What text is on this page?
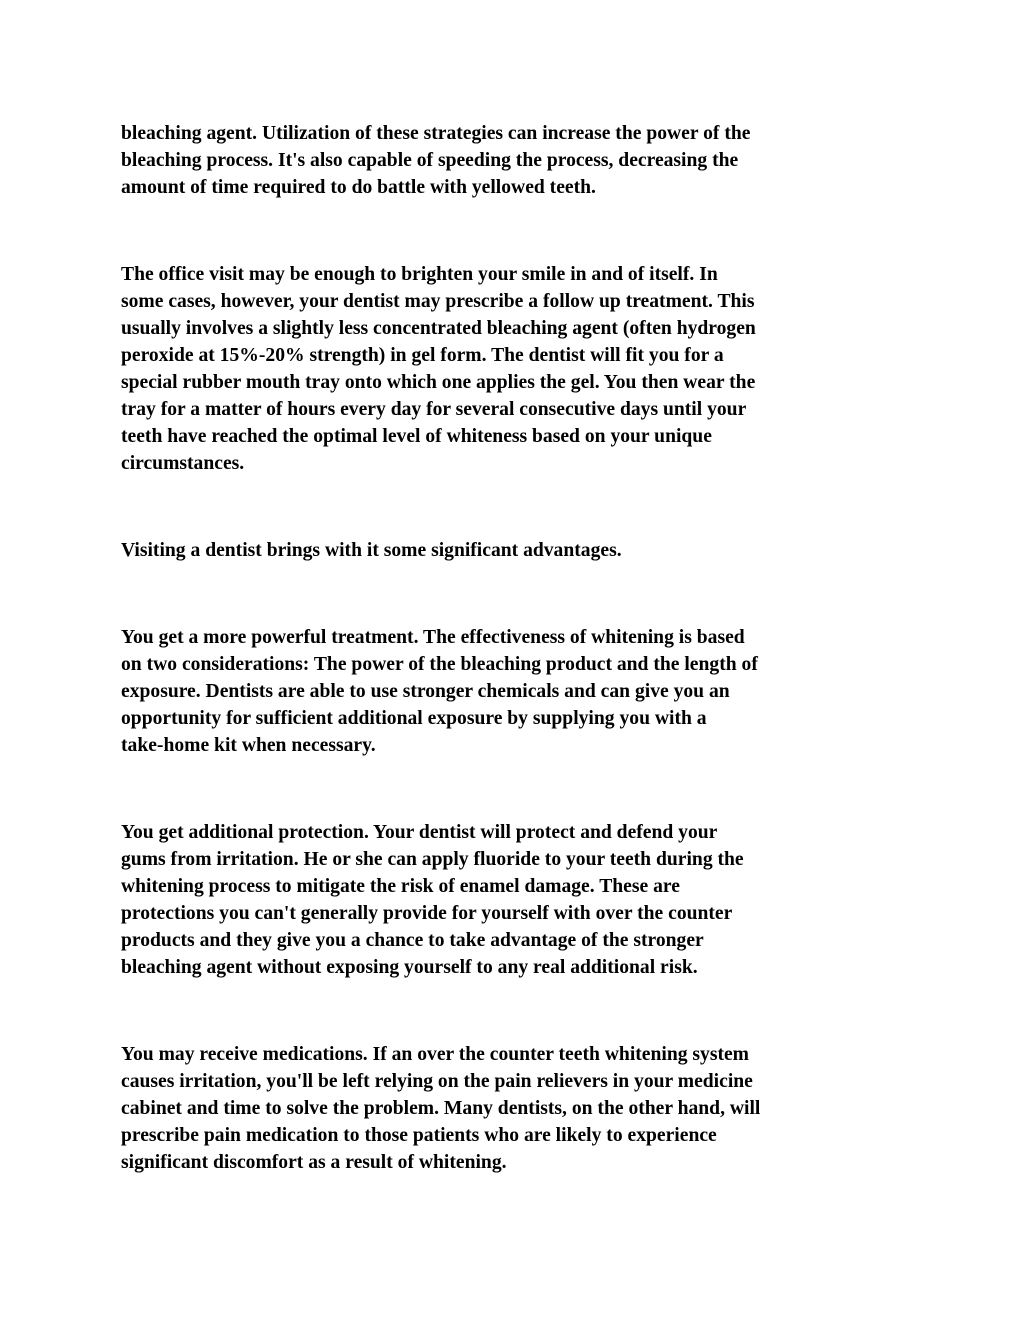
bleaching agent. Utilization of these strategies can increase the power of the
bleaching process. It's also capable of speeding the process, decreasing the
amount of time required to do battle with yellowed teeth.

The office visit may be enough to brighten your smile in and of itself. In
some cases, however, your dentist may prescribe a follow up treatment. This
usually involves a slightly less concentrated bleaching agent (often hydrogen
peroxide at 15%-20% strength) in gel form. The dentist will fit you for a
special rubber mouth tray onto which one applies the gel. You then wear the
tray for a matter of hours every day for several consecutive days until your
teeth have reached the optimal level of whiteness based on your unique
circumstances.

Visiting a dentist brings with it some significant advantages.

You get a more powerful treatment. The effectiveness of whitening is based
on two considerations: The power of the bleaching product and the length of
exposure. Dentists are able to use stronger chemicals and can give you an
opportunity for sufficient additional exposure by supplying you with a
take-home kit when necessary.

You get additional protection. Your dentist will protect and defend your
gums from irritation. He or she can apply fluoride to your teeth during the
whitening process to mitigate the risk of enamel damage. These are
protections you can't generally provide for yourself with over the counter
products and they give you a chance to take advantage of the stronger
bleaching agent without exposing yourself to any real additional risk.

You may receive medications. If an over the counter teeth whitening system
causes irritation, you'll be left relying on the pain relievers in your medicine
cabinet and time to solve the problem. Many dentists, on the other hand, will
prescribe pain medication to those patients who are likely to experience
significant discomfort as a result of whitening.
